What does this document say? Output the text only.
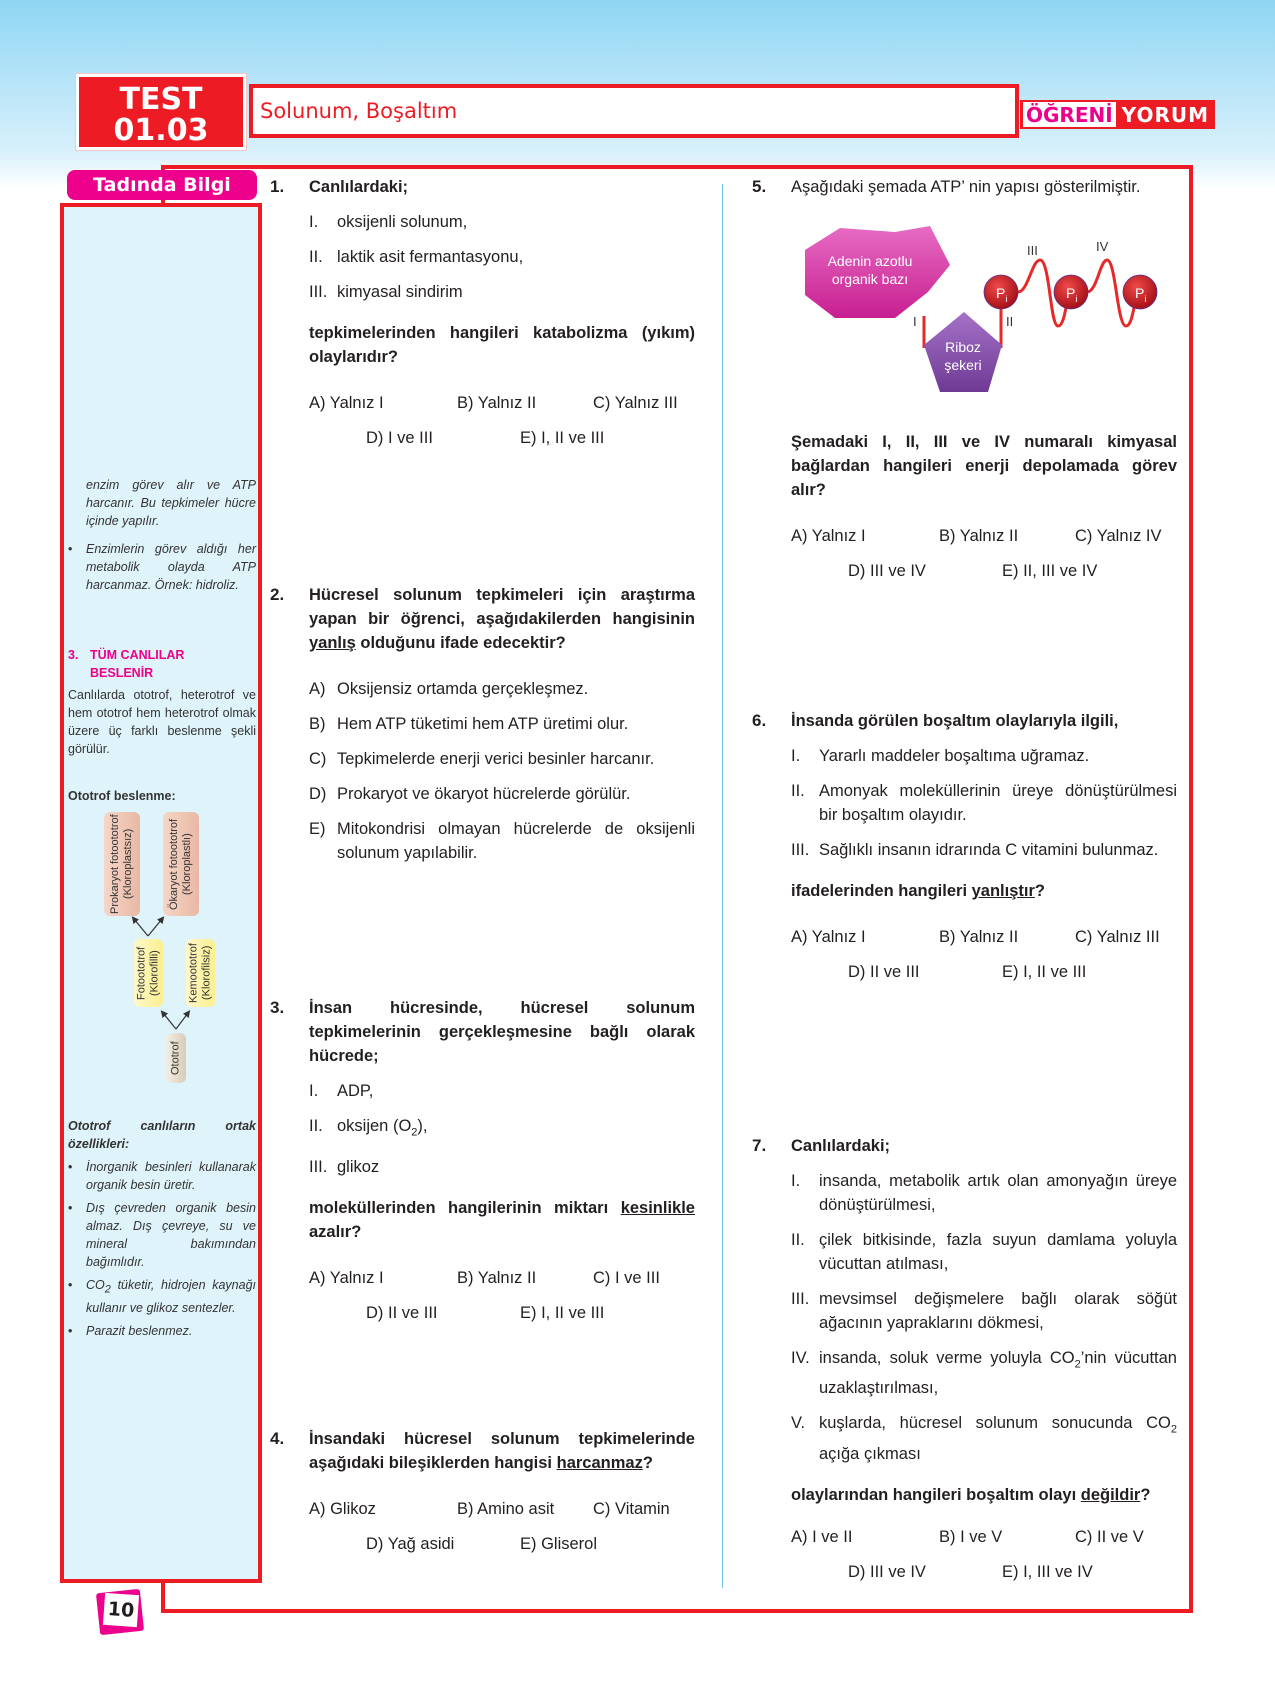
TEST
01.03
Solunum, Boşaltım	ÖĞRENİ YORUM
Tadında Bilgi

enzim görev alır ve ATP harcanır. Bu tepkimeler hücre içinde yapılır.

•	Enzimlerin görev aldığı her metabolik olayda ATP harcanmaz. Örnek: hidroliz.

3. TÜM CANLILAR BESLENİR

Canlılarda ototrof, heterotrof ve hem ototrof hem heterotrof olmak üzere üç farklı beslenme şekli görülür.

Ototrof beslenme:
Prokaryot fotoototrof (Kloroplastsız)	Ökaryot fotoototrof (Kloroplastlı)
Fotoototrof (Klorofilli) Kemoototrof (Klorofilsiz)
Ototrof

Ototrof canlıların ortak özellikleri:

•	İnorganik besinleri kullanarak organik besin üretir.

•	Dış çevreden organik besin almaz. Dış çevreye, su ve mineral bakımından bağımlıdır.

•	$CO_2$ tüketir, hidrojen kaynağı kullanır ve glikoz sentezler.

•	Parazit beslenmez.

1. Canlılardaki;
I.	oksijenli solunum,
II. laktik asit fermantasyonu,
III. kimyasal sindirim
tepkimelerinden hangileri katabolizma (yıkım) olaylarıdır?
A) Yalnız I	B) Yalnız II	C) Yalnız III
D) I ve III	E) I, II ve III
2. Hücresel solunum tepkimeleri için araştırma yapan bir öğrenci, aşağıdakilerden hangisinin yanlış olduğunu ifade edecektir?
A) Oksijensiz ortamda gerçekleşmez.
B) Hem ATP tüketimi hem ATP üretimi olur.
C) Tepkimelerde enerji verici besinler harcanır.
D) Prokaryot ve ökaryot hücrelerde görülür.
E) Mitokondrisi olmayan hücrelerde de oksijenli solunum yapılabilir.
3. İnsan hücresinde, hücresel solunum tepkimelerinin gerçekleşmesine bağlı olarak hücrede;
I.	ADP,
II. oksijen $(O_2)$,
III. glikoz
moleküllerinden hangilerinin miktarı kesinlikle azalır?
A) Yalnız I	B) Yalnız II	C) I ve III
D) II ve III	E) I, II ve III
4. İnsandaki hücresel solunum tepkimelerinde aşağıdaki bileşiklerden hangisi harcanmaz?
A) Glikoz	B) Amino asit C) Vitamin
D) Yağ asidi	E) Gliserol
5. Aşağıdaki şemada ATP’ nin yapısı gösterilmiştir.
Adenin azotlu
organik bazı
Riboz
şekeri
$P_i$	$P_i$	$P_i$
I	II
III	IV
Şemadaki I, II, III ve IV numaralı kimyasal bağlardan hangileri enerji depolamada görev alır?
A) Yalnız I	B) Yalnız II	C) Yalnız IV
D) III ve IV	E) II, III ve IV
6. İnsanda görülen boşaltım olaylarıyla ilgili,
I.	Yararlı maddeler boşaltıma uğramaz.
II. Amonyak moleküllerinin üreye dönüştürülmesi bir boşaltım olayıdır.
III. Sağlıklı insanın idrarında C vitamini bulunmaz.
ifadelerinden hangileri yanlıştır?
A) Yalnız I	B) Yalnız II	C) Yalnız III
D) II ve III	E) I, II ve III
7. Canlılardaki;
I.	insanda, metabolik artık olan amonyağın üreye dönüştürülmesi,
II. çilek bitkisinde, fazla suyun damlama yoluyla vücuttan atılması,
III. mevsimsel değişmelere bağlı olarak söğüt ağacının yapraklarını dökmesi,
IV. insanda, soluk verme yoluyla $CO_2’nin$ vücuttan uzaklaştırılması,
V. kuşlarda, hücresel solunum sonucunda $CO_2$ açığa çıkması
olaylarından hangileri boşaltım olayı değildir?
A) I ve II	B) I ve V	C) II ve V
D) III ve IV	E) I, III ve IV
10
